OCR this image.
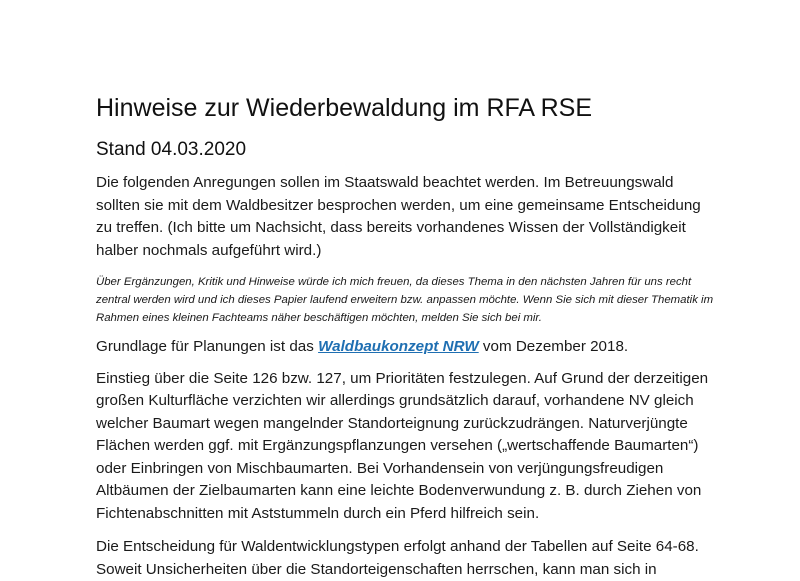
Hinweise zur Wiederbewaldung im RFA RSE
Stand 04.03.2020

Die folgenden Anregungen sollen im Staatswald beachtet werden. Im Betreuungswald sollten sie mit dem Waldbesitzer besprochen werden, um eine gemeinsame Entscheidung zu treffen. (Ich bitte um Nachsicht, dass bereits vorhandenes Wissen der Vollständigkeit halber nochmals aufgeführt wird.)

Über Ergänzungen, Kritik und Hinweise würde ich mich freuen, da dieses Thema in den nächsten Jahren für uns recht zentral werden wird und ich dieses Papier laufend erweitern bzw. anpassen möchte. Wenn Sie sich mit dieser Thematik im Rahmen eines kleinen Fachteams näher beschäftigen möchten, melden Sie sich bei mir.

Grundlage für Planungen ist das Waldbaukonzept NRW vom Dezember 2018.

Einstieg über die Seite 126 bzw. 127, um Prioritäten festzulegen. Auf Grund der derzeitigen großen Kulturfläche verzichten wir allerdings grundsätzlich darauf, vorhandene NV gleich welcher Baumart wegen mangelnder Standorteignung zurückzudrängen. Naturverjüngte Flächen werden ggf. mit Ergänzungspflanzungen versehen („wertschaffende Baumarten“) oder Einbringen von Mischbaumarten. Bei Vorhandensein von verjüngungsfreudigen Altbäumen der Zielbaumarten kann eine leichte Bodenverwundung z. B. durch Ziehen von Fichtenabschnitten mit Aststummeln durch ein Pferd hilfreich sein.

Die Entscheidung für Waldentwicklungstypen erfolgt anhand der Tabellen auf Seite 64-68.

Soweit Unsicherheiten über die Standorteigenschaften herrschen, kann man sich in
